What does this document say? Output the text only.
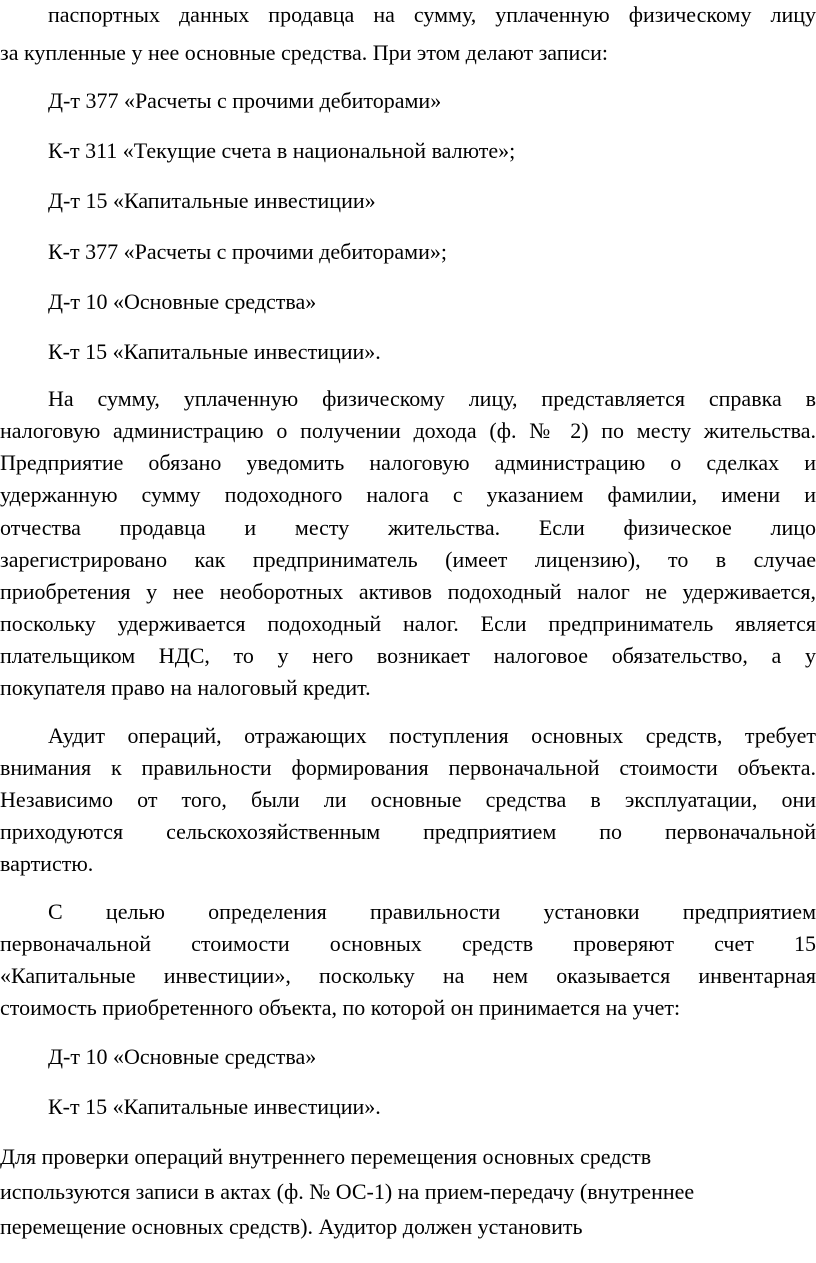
паспортных данных продавца на сумму, уплаченную физическому лицу
за купленные у нее основные средства. При этом делают записи:
Д-т 377 «Расчеты с прочими дебиторами»
К-т 311 «Текущие счета в национальной валюте»;
Д-т 15 «Капитальные инвестиции»
К-т 377 «Расчеты с прочими дебиторами»;
Д-т 10 «Основные средства»
К-т 15 «Капитальные инвестиции».
На сумму, уплаченную физическому лицу, представляется справка в
налоговую администрацию о получении дохода (ф. № 2) по месту жительства.
Предприятие обязано уведомить налоговую администрацию о сделках и
удержанную сумму подоходного налога с указанием фамилии, имени и
отчества продавца и месту жительства. Если физическое лицо
зарегистрировано как предприниматель (имеет лицензию), то в случае
приобретения у нее необоротных активов подоходный налог не удерживается,
поскольку удерживается подоходный налог. Если предприниматель является
плательщиком НДС, то у него возникает налоговое обязательство, а у
покупателя право на налоговый кредит.
Аудит операций, отражающих поступления основных средств, требует
внимания к правильности формирования первоначальной стоимости объекта.
Независимо от того, были ли основные средства в эксплуатации, они
приходуются сельскохозяйственным предприятием по первоначальной
вартистю.
С целью определения правильности установки предприятием
первоначальной стоимости основных средств проверяют счет 15
«Капитальные инвестиции», поскольку на нем оказывается инвентарная
стоимость приобретенного объекта, по которой он принимается на учет:
Д-т 10 «Основные средства»
К-т 15 «Капитальные инвестиции».
Для проверки операций внутреннего перемещения основных средств
используются записи в актах (ф. № ОС-1) на прием-передачу (внутреннее
перемещение основных средств). Аудитор должен установить
